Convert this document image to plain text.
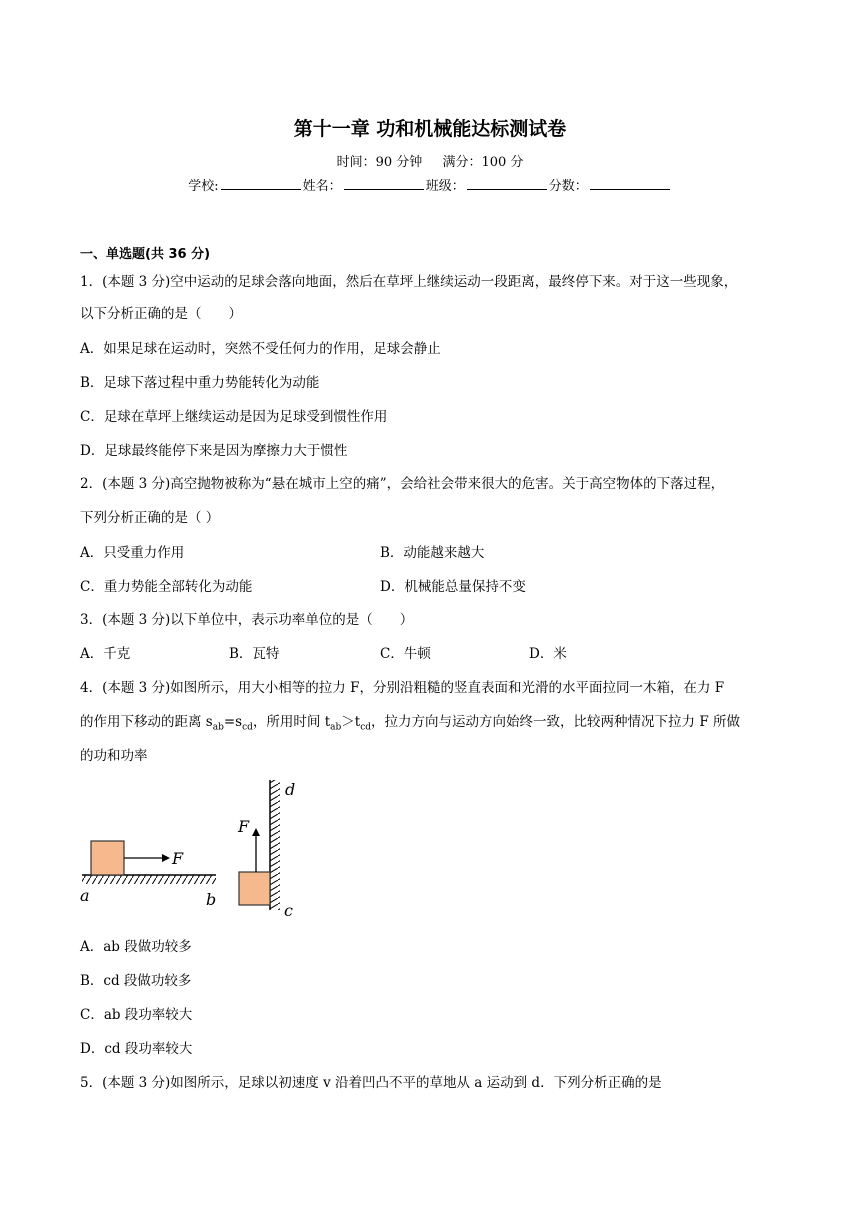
第十一章 功和机械能达标测试卷
时间：90 分钟 满分：100 分
学校:	姓名：	班级：	分数：
一、单选题(共 36 分)
1．(本题 3 分)空中运动的足球会落向地面，然后在草坪上继续运动一段距离，最终停下来。对于这一些现象，
以下分析正确的是（　　）
A．如果足球在运动时，突然不受任何力的作用，足球会静止
B．足球下落过程中重力势能转化为动能
C．足球在草坪上继续运动是因为足球受到惯性作用
D．足球最终能停下来是因为摩擦力大于惯性
2．(本题 3 分)高空抛物被称为“悬在城市上空的痛”，会给社会带来很大的危害。关于高空物体的下落过程，
下列分析正确的是（ ）
A．只受重力作用	B．动能越来越大
C．重力势能全部转化为动能	D．机械能总量保持不变
3．(本题 3 分)以下单位中，表示功率单位的是（　　）
A．千克	B．瓦特	C．牛顿	D．米
4．(本题 3 分)如图所示，用大小相等的拉力 F，分别沿粗糙的竖直表面和光滑的水平面拉同一木箱，在力 F
的作用下移动的距离 $s_{ab}=s_{cd}$，所用时间 $t_{ab}>t_{cd}$，拉力方向与运动方向始终一致，比较两种情况下拉力 F 所做
的功和功率
F
a	b
F
c
d
A．ab 段做功较多
B．cd 段做功较多
C．ab 段功率较大
D．cd 段功率较大
5．(本题 3 分)如图所示，足球以初速度 v 沿着凹凸不平的草地从 a 运动到 d．下列分析正确的是
